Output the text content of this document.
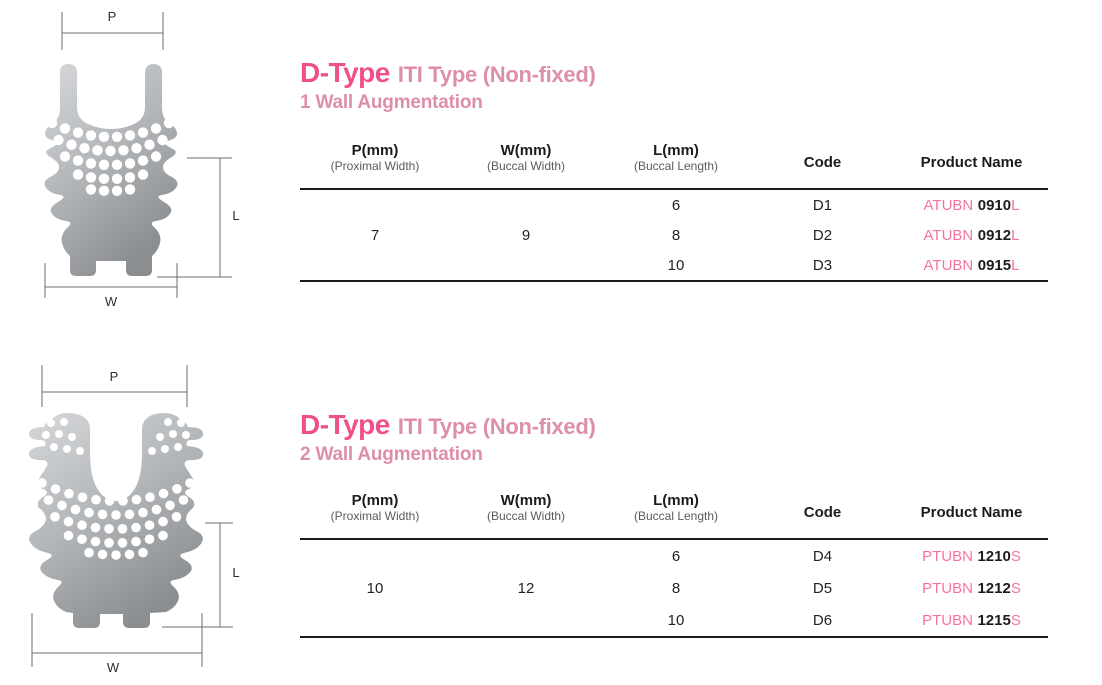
P
L
W
P
L
W
D-Type ITI Type (Non-fixed)
1 Wall Augmentation
P(mm)
(Proximal Width)
W(mm)
(Buccal Width)
L(mm)
(Buccal Length)	Code	Product Name
7	9
6	D1	ATUBN 0910 L
8	D2	ATUBN 0912 L
10	D3	ATUBN 0915 L
D-Type ITI Type (Non-fixed)
2 Wall Augmentation
P(mm)
(Proximal Width)
W(mm)
(Buccal Width)
L(mm)
(Buccal Length)	Code	Product Name
10	12
6	D4	PTUBN 1210 S
8	D5	PTUBN 1212 S
10	D6	PTUBN 1215 S
